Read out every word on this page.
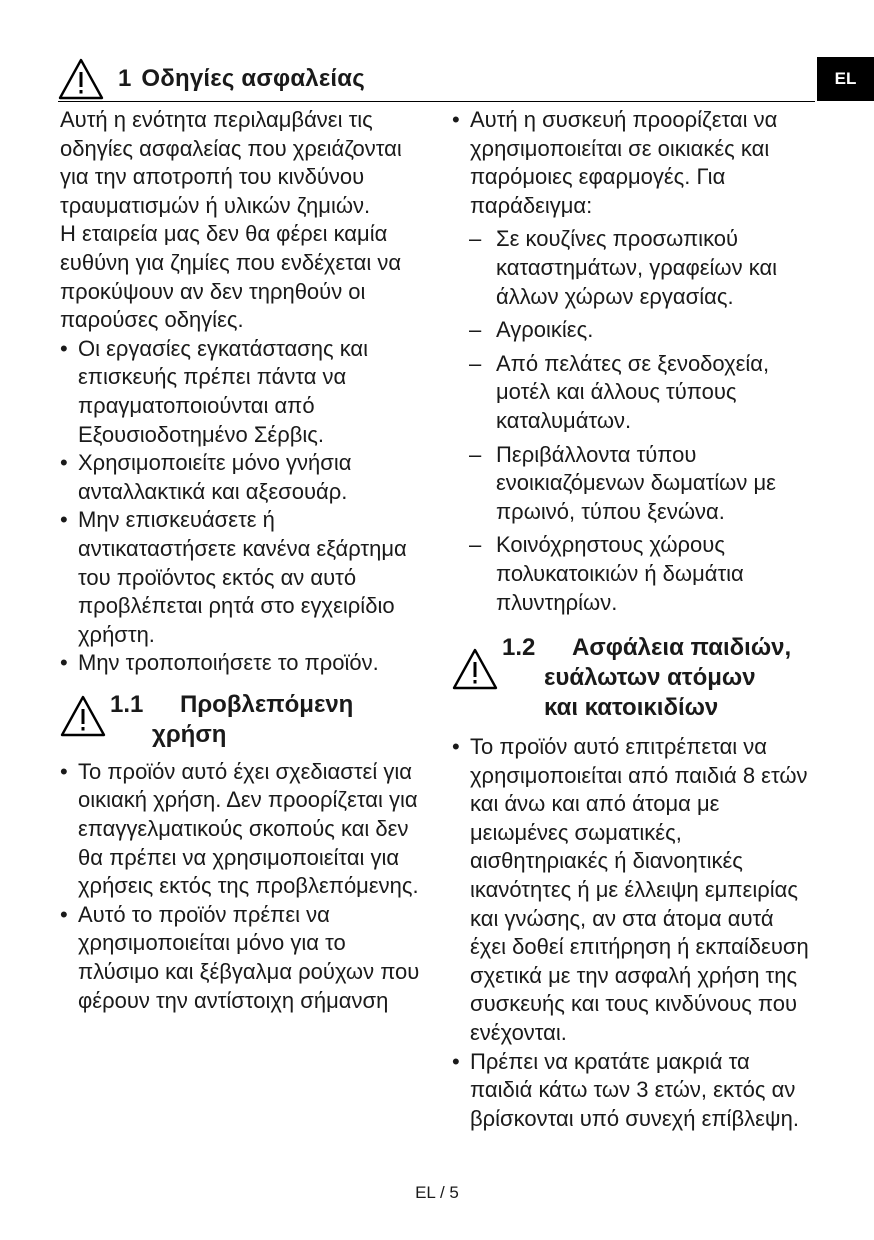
EL
1 Οδηγίες ασφαλείας

Αυτή η ενότητα περιλαμβάνει τις οδηγίες ασφαλείας που χρειάζονται για την αποτροπή του κινδύνου τραυματισμών ή υλικών ζημιών.

Η εταιρεία μας δεν θα φέρει καμία ευθύνη για ζημίες που ενδέχεται να προκύψουν αν δεν τηρηθούν οι παρούσες οδηγίες.

• Οι εργασίες εγκατάστασης και επισκευής πρέπει πάντα να πραγματοποιούνται από Εξουσιοδοτημένο Σέρβις.
• Χρησιμοποιείτε μόνο γνήσια ανταλλακτικά και αξεσουάρ.
• Μην επισκευάσετε ή αντικαταστήσετε κανένα εξάρτημα του προϊόντος εκτός αν αυτό προβλέπεται ρητά στο εγχειρίδιο χρήστη.
• Μην τροποποιήσετε το προϊόν.
1.1	Προβλεπόμενη
χρήση
• Το προϊόν αυτό έχει σχεδιαστεί για οικιακή χρήση. Δεν προορίζεται για επαγγελματικούς σκοπούς και δεν θα πρέπει να χρησιμοποιείται για χρήσεις εκτός της προβλεπόμενης.
• Αυτό το προϊόν πρέπει να χρησιμοποιείται μόνο για το πλύσιμο και ξέβγαλμα ρούχων που φέρουν την αντίστοιχη σήμανση
• Αυτή η συσκευή προορίζεται να χρησιμοποιείται σε οικιακές και παρόμοιες εφαρμογές. Για παράδειγμα:
– Σε κουζίνες προσωπικού καταστημάτων, γραφείων και άλλων χώρων εργασίας.
– Αγροικίες.
– Από πελάτες σε ξενοδοχεία, μοτέλ και άλλους τύπους καταλυμάτων.
– Περιβάλλοντα τύπου ενοικιαζόμενων δωματίων με πρωινό, τύπου ξενώνα.
– Κοινόχρηστους χώρους πολυκατοικιών ή δωμάτια πλυντηρίων.
1.2	Ασφάλεια παιδιών,
ευάλωτων ατόμων
και κατοικιδίων
• Το προϊόν αυτό επιτρέπεται να χρησιμοποιείται από παιδιά 8 ετών και άνω και από άτομα με μειωμένες σωματικές, αισθητηριακές ή διανοητικές ικανότητες ή με έλλειψη εμπειρίας και γνώσης, αν στα άτομα αυτά έχει δοθεί επιτήρηση ή εκπαίδευση σχετικά με την ασφαλή χρήση της συσκευής και τους κινδύνους που ενέχονται.
• Πρέπει να κρατάτε μακριά τα παιδιά κάτω των 3 ετών, εκτός αν βρίσκονται υπό συνεχή επίβλεψη.
EL / 5
